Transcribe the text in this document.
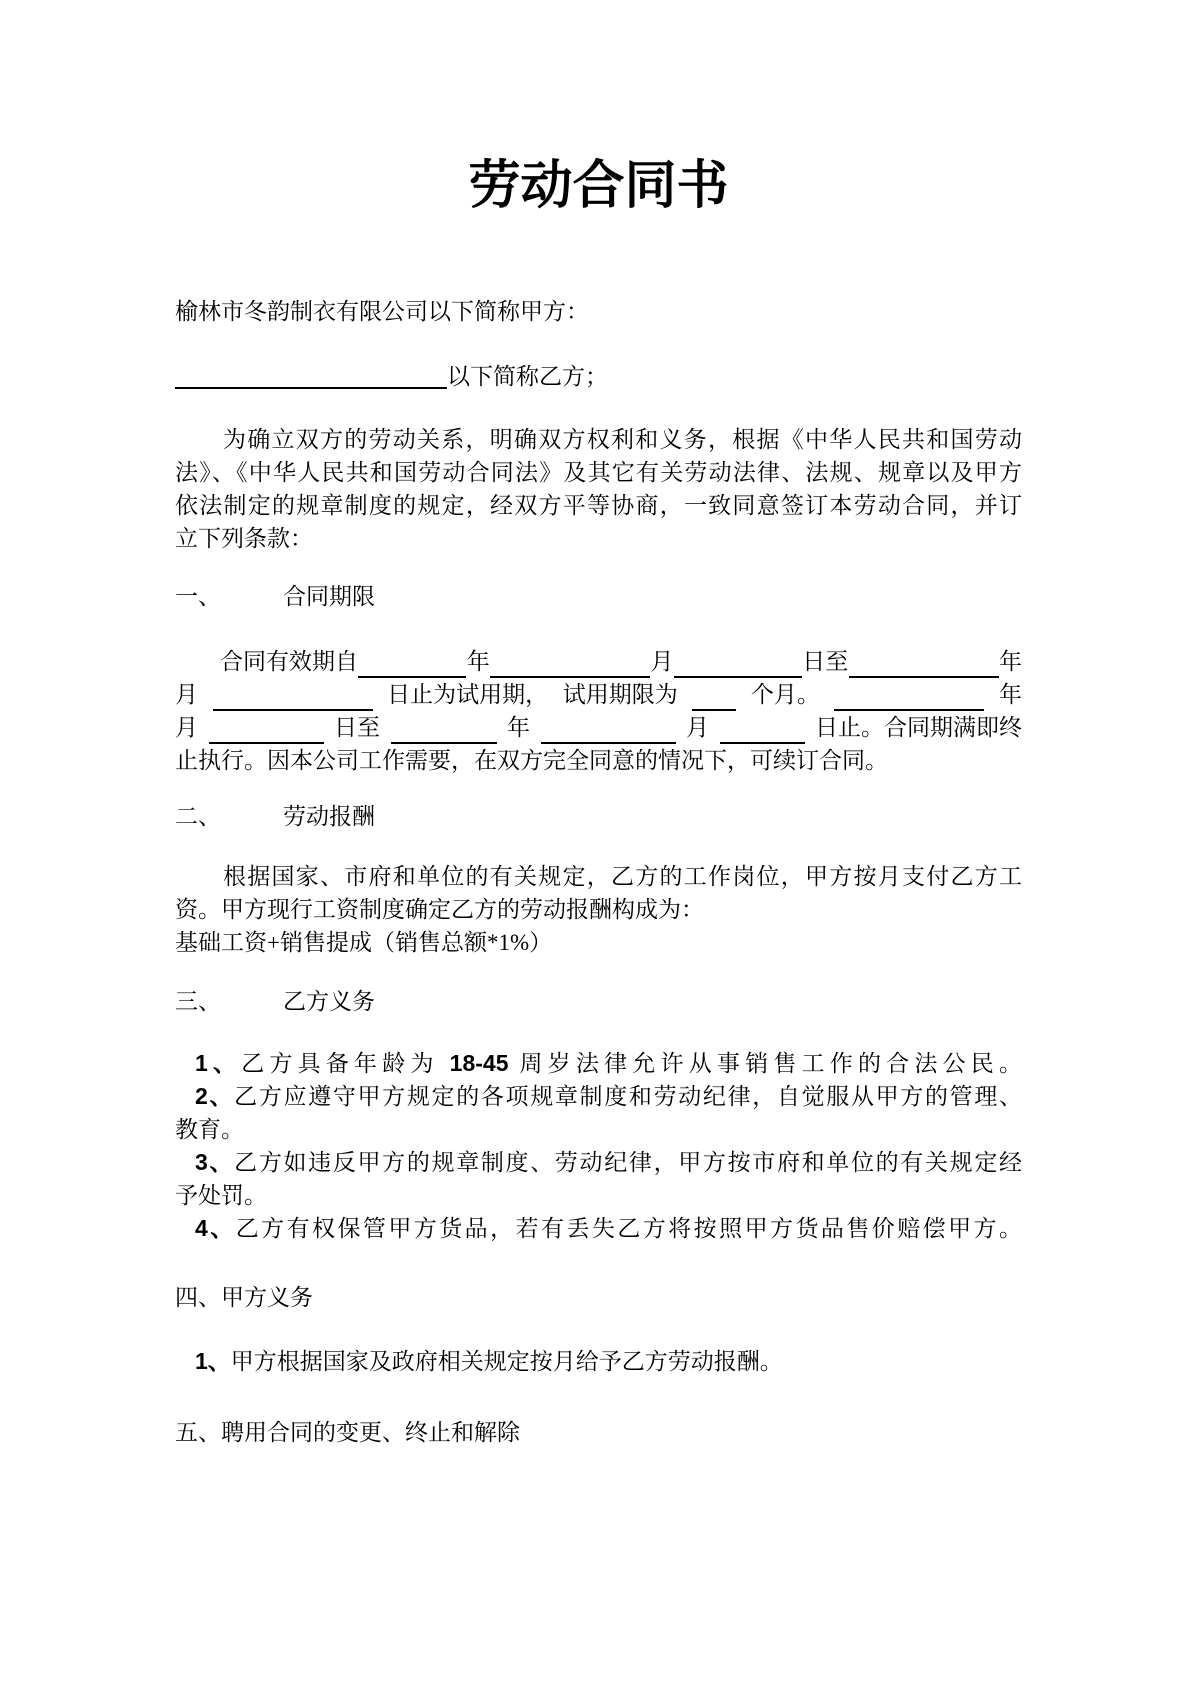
劳动合同书
榆林市冬韵制衣有限公司以下简称甲方：
以下简称乙方；
为确立双方的劳动关系，明确双方权利和义务，根据《中华人民共和国劳动
法》、《中华人民共和国劳动合同法》及其它有关劳动法律、法规、规章以及甲方
依法制定的规章制度的规定，经双方平等协商，一致同意签订本劳动合同，并订
立下列条款：
一、	合同期限
合同有效期自	年	月	日至	年
月	日止为试用期， 试用期限为	个月。	年
月	日至	年	月	日止。合同期满即终
止执行。因本公司工作需要，在双方完全同意的情况下，可续订合同。
二、	劳动报酬
根据国家、市府和单位的有关规定，乙方的工作岗位，甲方按月支付乙方工
资。甲方现行工资制度确定乙方的劳动报酬构成为：
基础工资+销售提成（销售总额*1%）
三、	乙方义务
1、乙方具备年龄为 18-45 周岁法律允许从事销售工作的合法公民。
2、乙方应遵守甲方规定的各项规章制度和劳动纪律，自觉服从甲方的管理、
教育。
3、乙方如违反甲方的规章制度、劳动纪律，甲方按市府和单位的有关规定经
予处罚。
4、乙方有权保管甲方货品，若有丢失乙方将按照甲方货品售价赔偿甲方。
四、甲方义务
1、甲方根据国家及政府相关规定按月给予乙方劳动报酬。
五、聘用合同的变更、终止和解除
